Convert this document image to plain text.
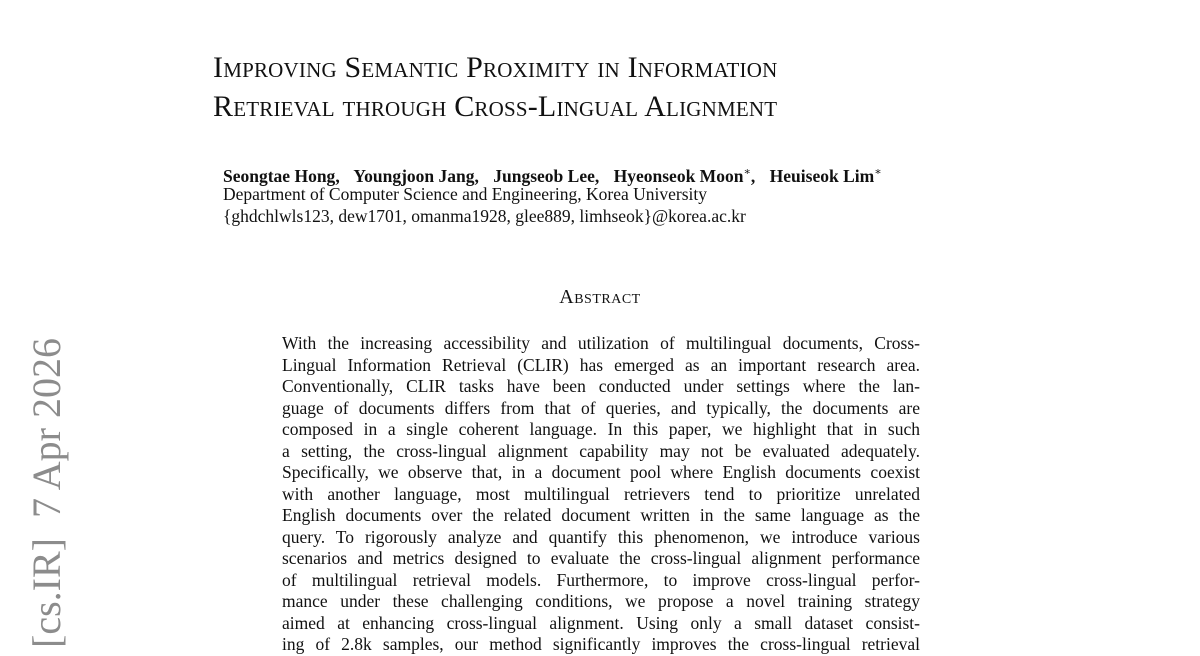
Improving Semantic Proximity in Information
Retrieval through Cross-Lingual Alignment
Seongtae Hong, Youngjoon Jang, Jungseob Lee, Hyeonseok Moon∗, Heuiseok Lim∗
Department of Computer Science and Engineering, Korea University
{ghdchlwls123, dew1701, omanma1928, glee889, limhseok}@korea.ac.kr
Abstract
With the increasing accessibility and utilization of multilingual documents, Cross-
Lingual Information Retrieval (CLIR) has emerged as an important research area.
Conventionally, CLIR tasks have been conducted under settings where the lan-
guage of documents differs from that of queries, and typically, the documents are
composed in a single coherent language. In this paper, we highlight that in such
a setting, the cross-lingual alignment capability may not be evaluated adequately.
Specifically, we observe that, in a document pool where English documents coexist
with another language, most multilingual retrievers tend to prioritize unrelated
English documents over the related document written in the same language as the
query. To rigorously analyze and quantify this phenomenon, we introduce various
scenarios and metrics designed to evaluate the cross-lingual alignment performance
of multilingual retrieval models. Furthermore, to improve cross-lingual perfor-
mance under these challenging conditions, we propose a novel training strategy
aimed at enhancing cross-lingual alignment. Using only a small dataset consist-
ing of 2.8k samples, our method significantly improves the cross-lingual retrieval
[cs.IR]7 Apr 2026
